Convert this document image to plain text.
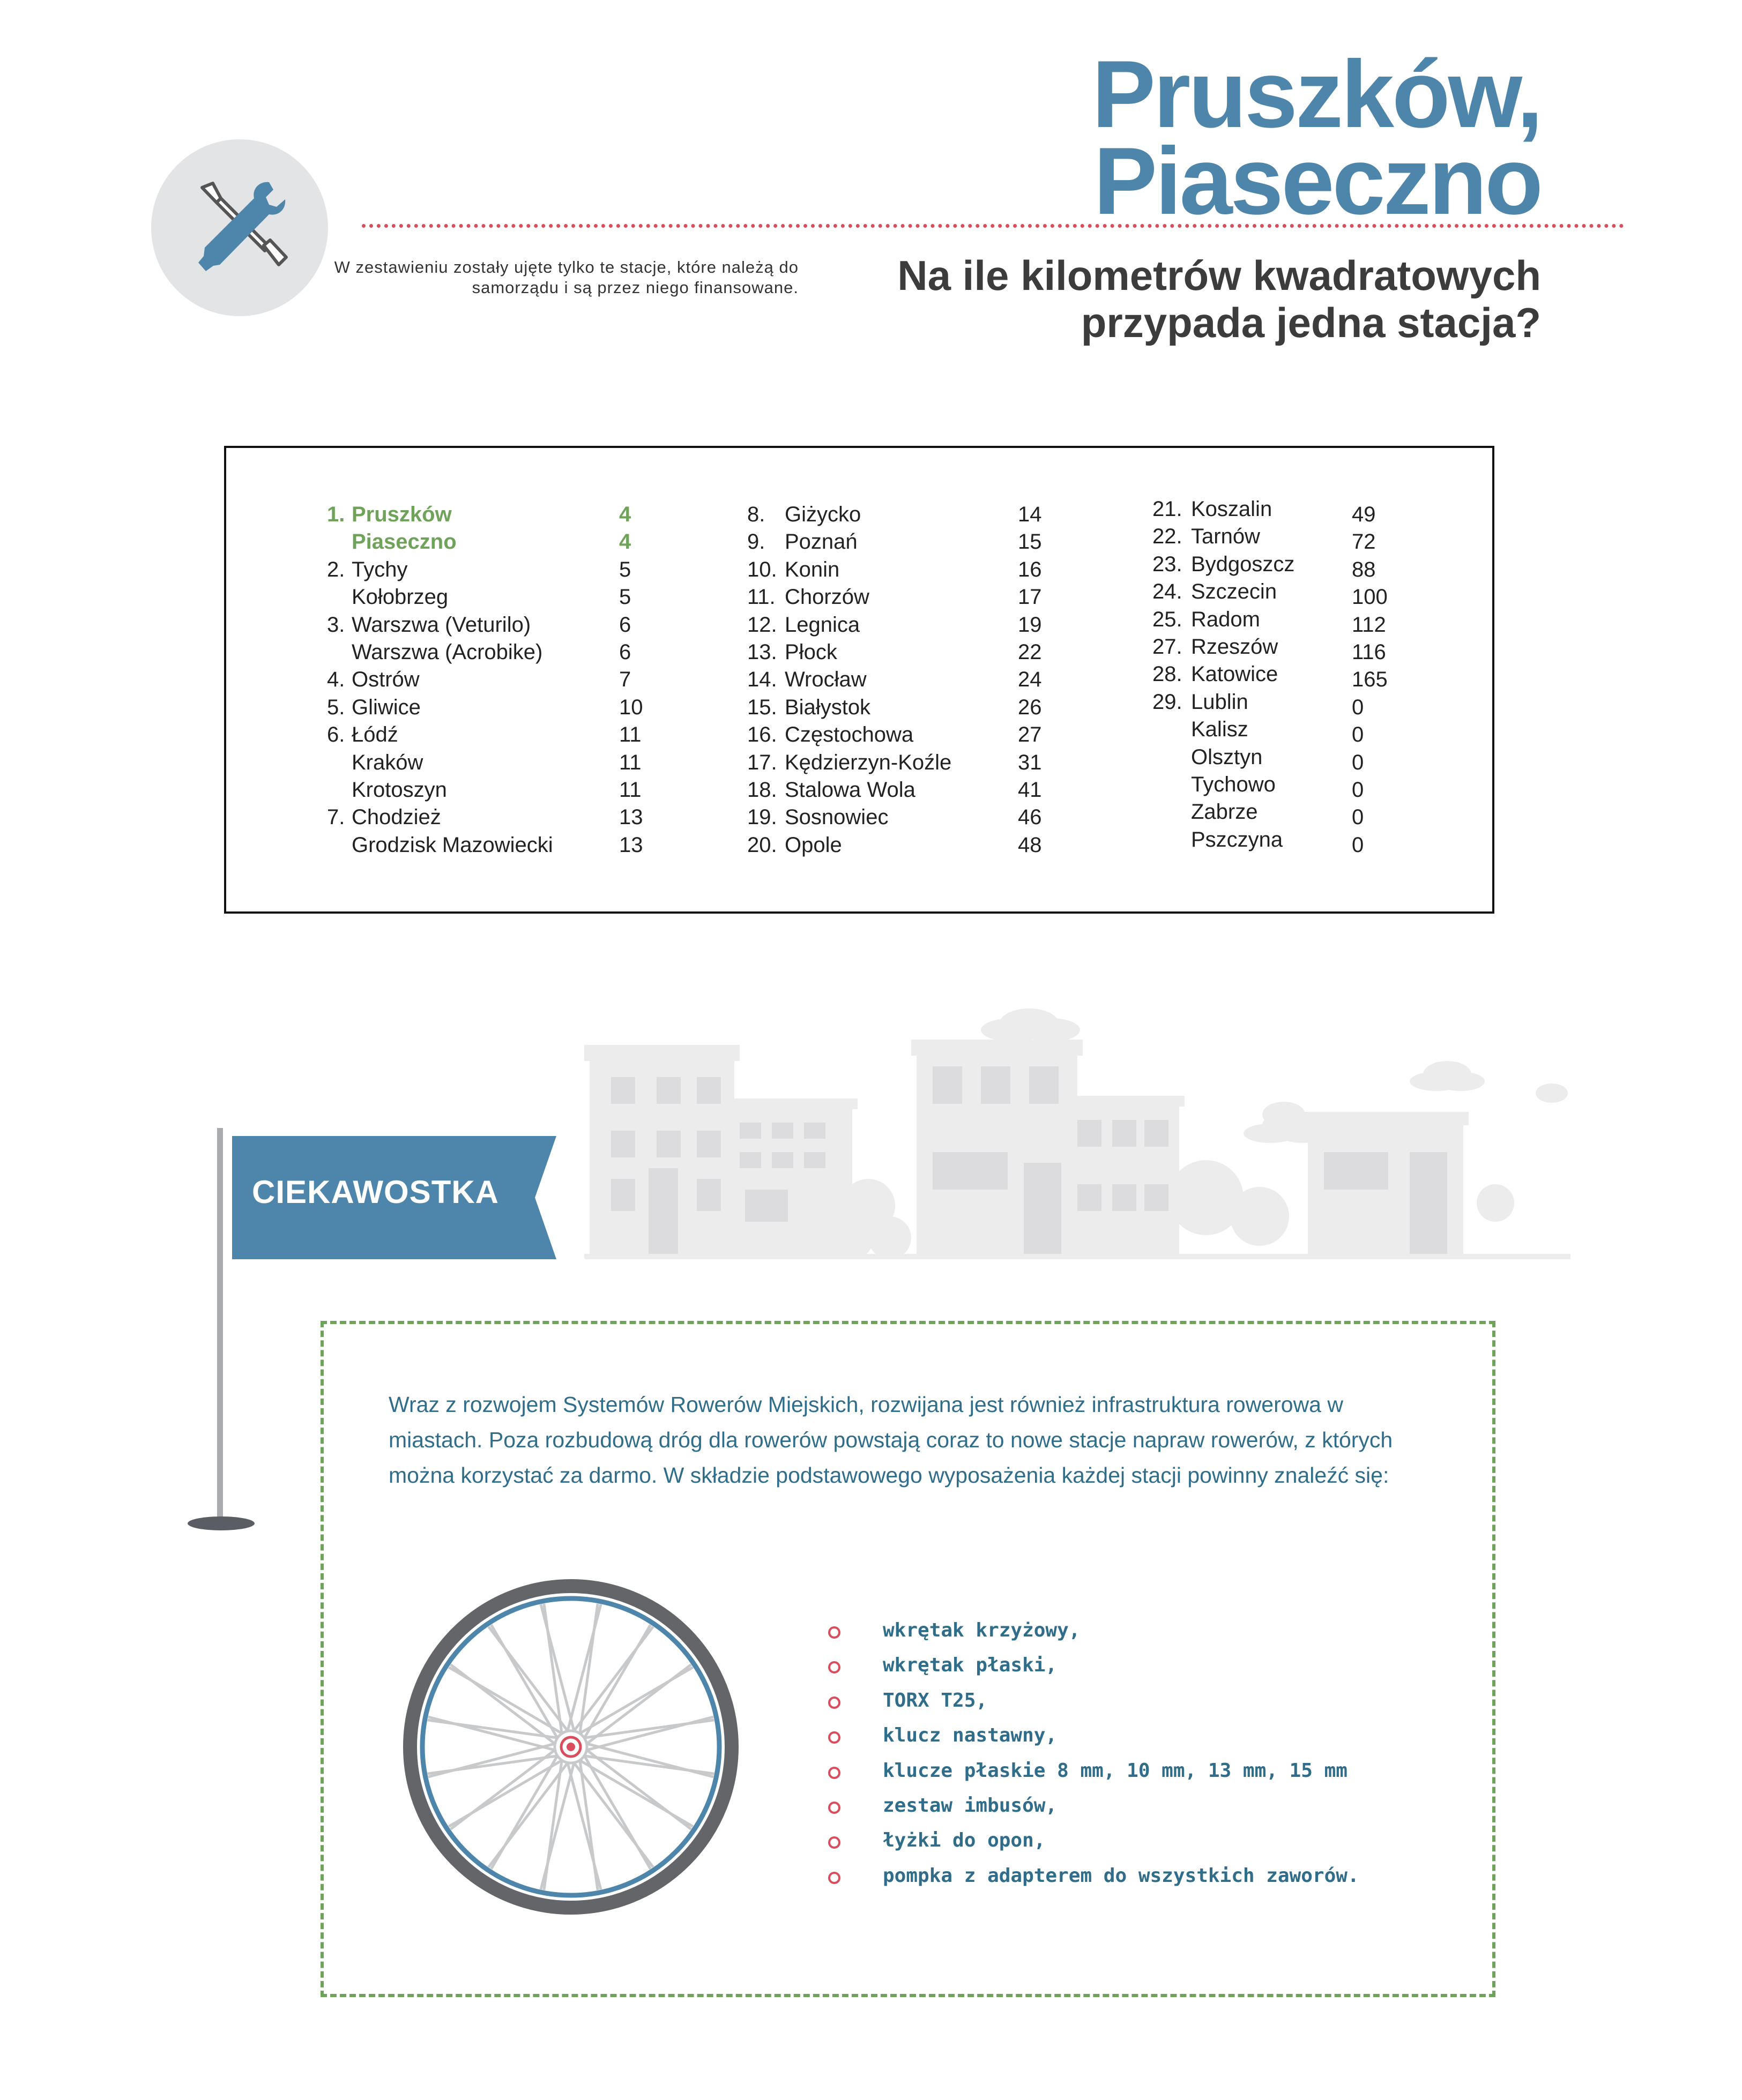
Pruszków,
Piaseczno
W zestawieniu zostały ujęte tylko te stacje, które należą do samorządu i są przez niego finansowane. Na ile kilometrów kwadratowych
przypada jedna stacja?
1. Pruszków	4
Piaseczno	4
2. Tychy	5
Kołobrzeg	5
3. Warszwa (Veturilo)	6
Warszwa (Acrobike)	6
4. Ostrów	7
5. Gliwice	10
6. Łódź	11
Kraków	11
Krotoszyn	11
7. Chodzież	13
Grodzisk Mazowiecki	13
8. Giżycko	14
9. Poznań	15
10. Konin	16
11. Chorzów	17
12. Legnica	19
13. Płock	22
14. Wrocław	24
15. Białystok	26
16. Częstochowa	27
17. Kędzierzyn-Koźle	31
18. Stalowa Wola	41
19. Sosnowiec	46
20. Opole	48
21. Koszalin	49
22. Tarnów	72
23. Bydgoszcz	88
24. Szczecin	100
25. Radom	112
27. Rzeszów	116
28. Katowice	165
29. Lublin	0
Kalisz	0
Olsztyn	0
Tychowo	0
Zabrze	0
Pszczyna	0
CIEKAWOSTKA
Wraz z rozwojem Systemów Rowerów Miejskich, rozwijana jest również infrastruktura rowerowa w miastach. Poza rozbudową dróg dla rowerów powstają coraz to nowe stacje napraw rowerów, z których można korzystać za darmo. W składzie podstawowego wyposażenia każdej stacji powinny znaleźć się:
wkrętak krzyżowy,
wkrętak płaski,
TORX T25,
klucz nastawny,
klucze płaskie 8 mm, 10 mm, 13 mm, 15 mm
zestaw imbusów,
łyżki do opon,
pompka z adapterem do wszystkich zaworów.
